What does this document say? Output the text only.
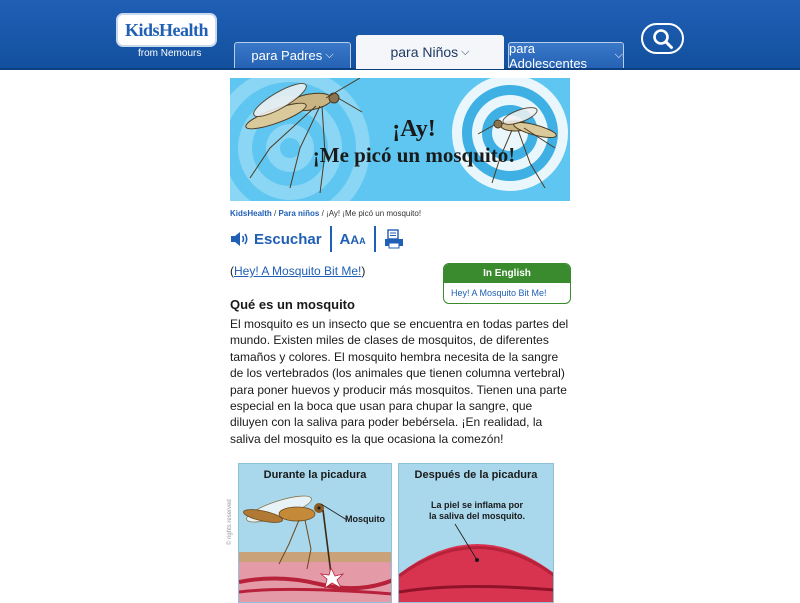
KidsHealth
from Nemours	para Padres ⌵	para Niños ⌵	para Adolescentes
⌵
¡Ay!
¡Me picó un mosquito!
KidsHealth / Para niños / ¡Ay! ¡Me picó un mosquito!
Escuchar A A A
(Hey! A Mosquito Bit Me!)	In English
Hey! A Mosquito Bit Me!
Qué es un mosquito
El mosquito es un insecto que se encuentra en todas partes del mundo. Existen miles de clases de mosquitos, de diferentes tamaños y colores. El mosquito hembra necesita de la sangre de los vertebrados (los animales que tienen columna vertebral) para poner huevos y producir más mosquitos. Tienen una parte especial en la boca que usan para chupar la sangre, que diluyen con la saliva para poder bebérsela. ¡En realidad, la saliva del mosquito es la que ocasiona la comezón!
Durante la picadura
Mosquito
Después de la picadura
La piel se inflama por
la saliva del mosquito.
© rights reserved
